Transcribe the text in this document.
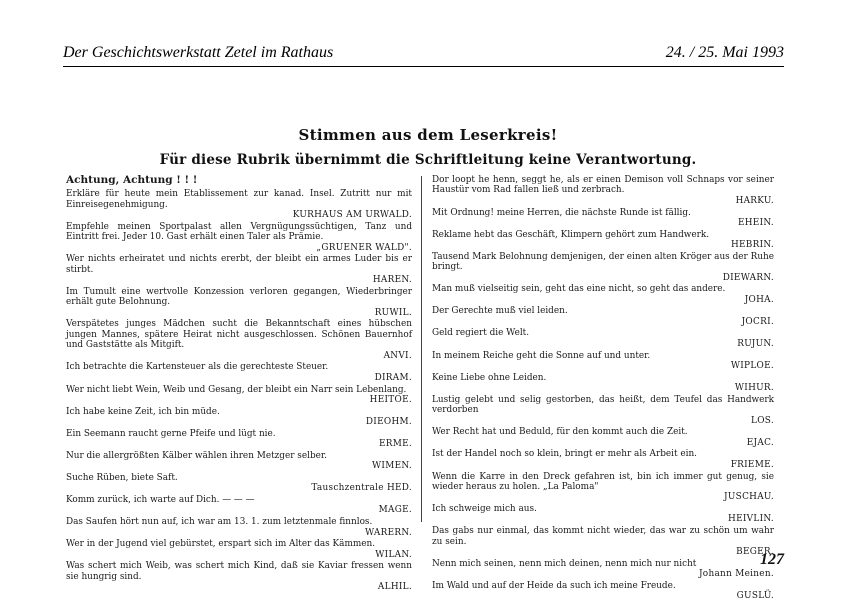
Der Geschichtswerkstatt Zetel im Rathaus	24. / 25. Mai 1993
Stimmen aus dem Leserkreis!
Für diese Rubrik übernimmt die Schriftleitung keine Verantwortung.
Achtung, Achtung ! ! !
Erkläre für heute mein Etablissement zur kanad. Insel. Zutritt nur mit Einreisegenehmigung.
KURHAUS AM URWALD.
Empfehle meinen Sportpalast allen Vergnügungssüchtigen, Tanz und Eintritt frei. Jeder 10. Gast erhält einen Taler als Prämie.
„GRUENER WALD".
Wer nichts erheiratet und nichts ererbt, der bleibt ein armes Luder bis er stirbt.
HAREN.
Im Tumult eine wertvolle Konzession verloren gegangen, Wiederbringer erhält gute Belohnung.
RUWIL.
Verspätetes junges Mädchen sucht die Bekanntschaft eines hübschen jungen Mannes, spätere Heirat nicht ausgeschlossen. Schönen Bauernhof und Gaststätte als Mitgift.
ANVI.
Ich betrachte die Kartensteuer als die gerechteste Steuer.
DIRAM.
Wer nicht liebt Wein, Weib und Gesang, der bleibt ein Narr sein Lebenlang.
HEITOE.
Ich habe keine Zeit, ich bin müde.
DIEOHM.
Ein Seemann raucht gerne Pfeife und lügt nie.
ERME.
Nur die allergrößten Kälber wählen ihren Metzger selber.
WIMEN.
Suche Rüben, biete Saft.
Tauschzentrale HED.
Komm zurück, ich warte auf Dich. — — —
MAGE.
Das Saufen hört nun auf, ich war am 13. 1. zum letztenmale finnlos.
WARERN.
Wer in der Jugend viel gebürstet, erspart sich im Alter das Kämmen.
WILAN.
Was schert mich Weib, was schert mich Kind, daß sie Kaviar fressen wenn sie hungrig sind.
ALHIL.
Dor loopt he henn, seggt he, als er einen Demison voll Schnaps vor seiner Haustür vom Rad fallen ließ und zerbrach.
HARKU.
Mit Ordnung! meine Herren, die nächste Runde ist fällig.
EHEIN.
Reklame hebt das Geschäft, Klimpern gehört zum Handwerk.
HEBRIN.
Tausend Mark Belohnung demjenigen, der einen alten Kröger aus der Ruhe bringt.
DIEWARN.
Man muß vielseitig sein, geht das eine nicht, so geht das andere.
JOHA.
Der Gerechte muß viel leiden.
JOCRI.
Geld regiert die Welt.
RUJUN.
In meinem Reiche geht die Sonne auf und unter.
WIPLOE.
Keine Liebe ohne Leiden.
WIHUR.
Lustig gelebt und selig gestorben, das heißt, dem Teufel das Handwerk verdorben
LOS.
Wer Recht hat und Beduld, für den kommt auch die Zeit.
EJAC.
Ist der Handel noch so klein, bringt er mehr als Arbeit ein.
FRIEME.
Wenn die Karre in den Dreck gefahren ist, bin ich immer gut genug, sie wieder heraus zu holen. „La Paloma"
JUSCHAU.
Ich schweige mich aus.
HEIVLIN.
Das gabs nur einmal, das kommt nicht wieder, das war zu schön um wahr zu sein.
BEGER.
Nenn mich seinen, nenn mich deinen, nenn mich nur nicht
Johann Meinen.
Im Wald und auf der Heide da such ich meine Freude.
GUSLÜ.
127
